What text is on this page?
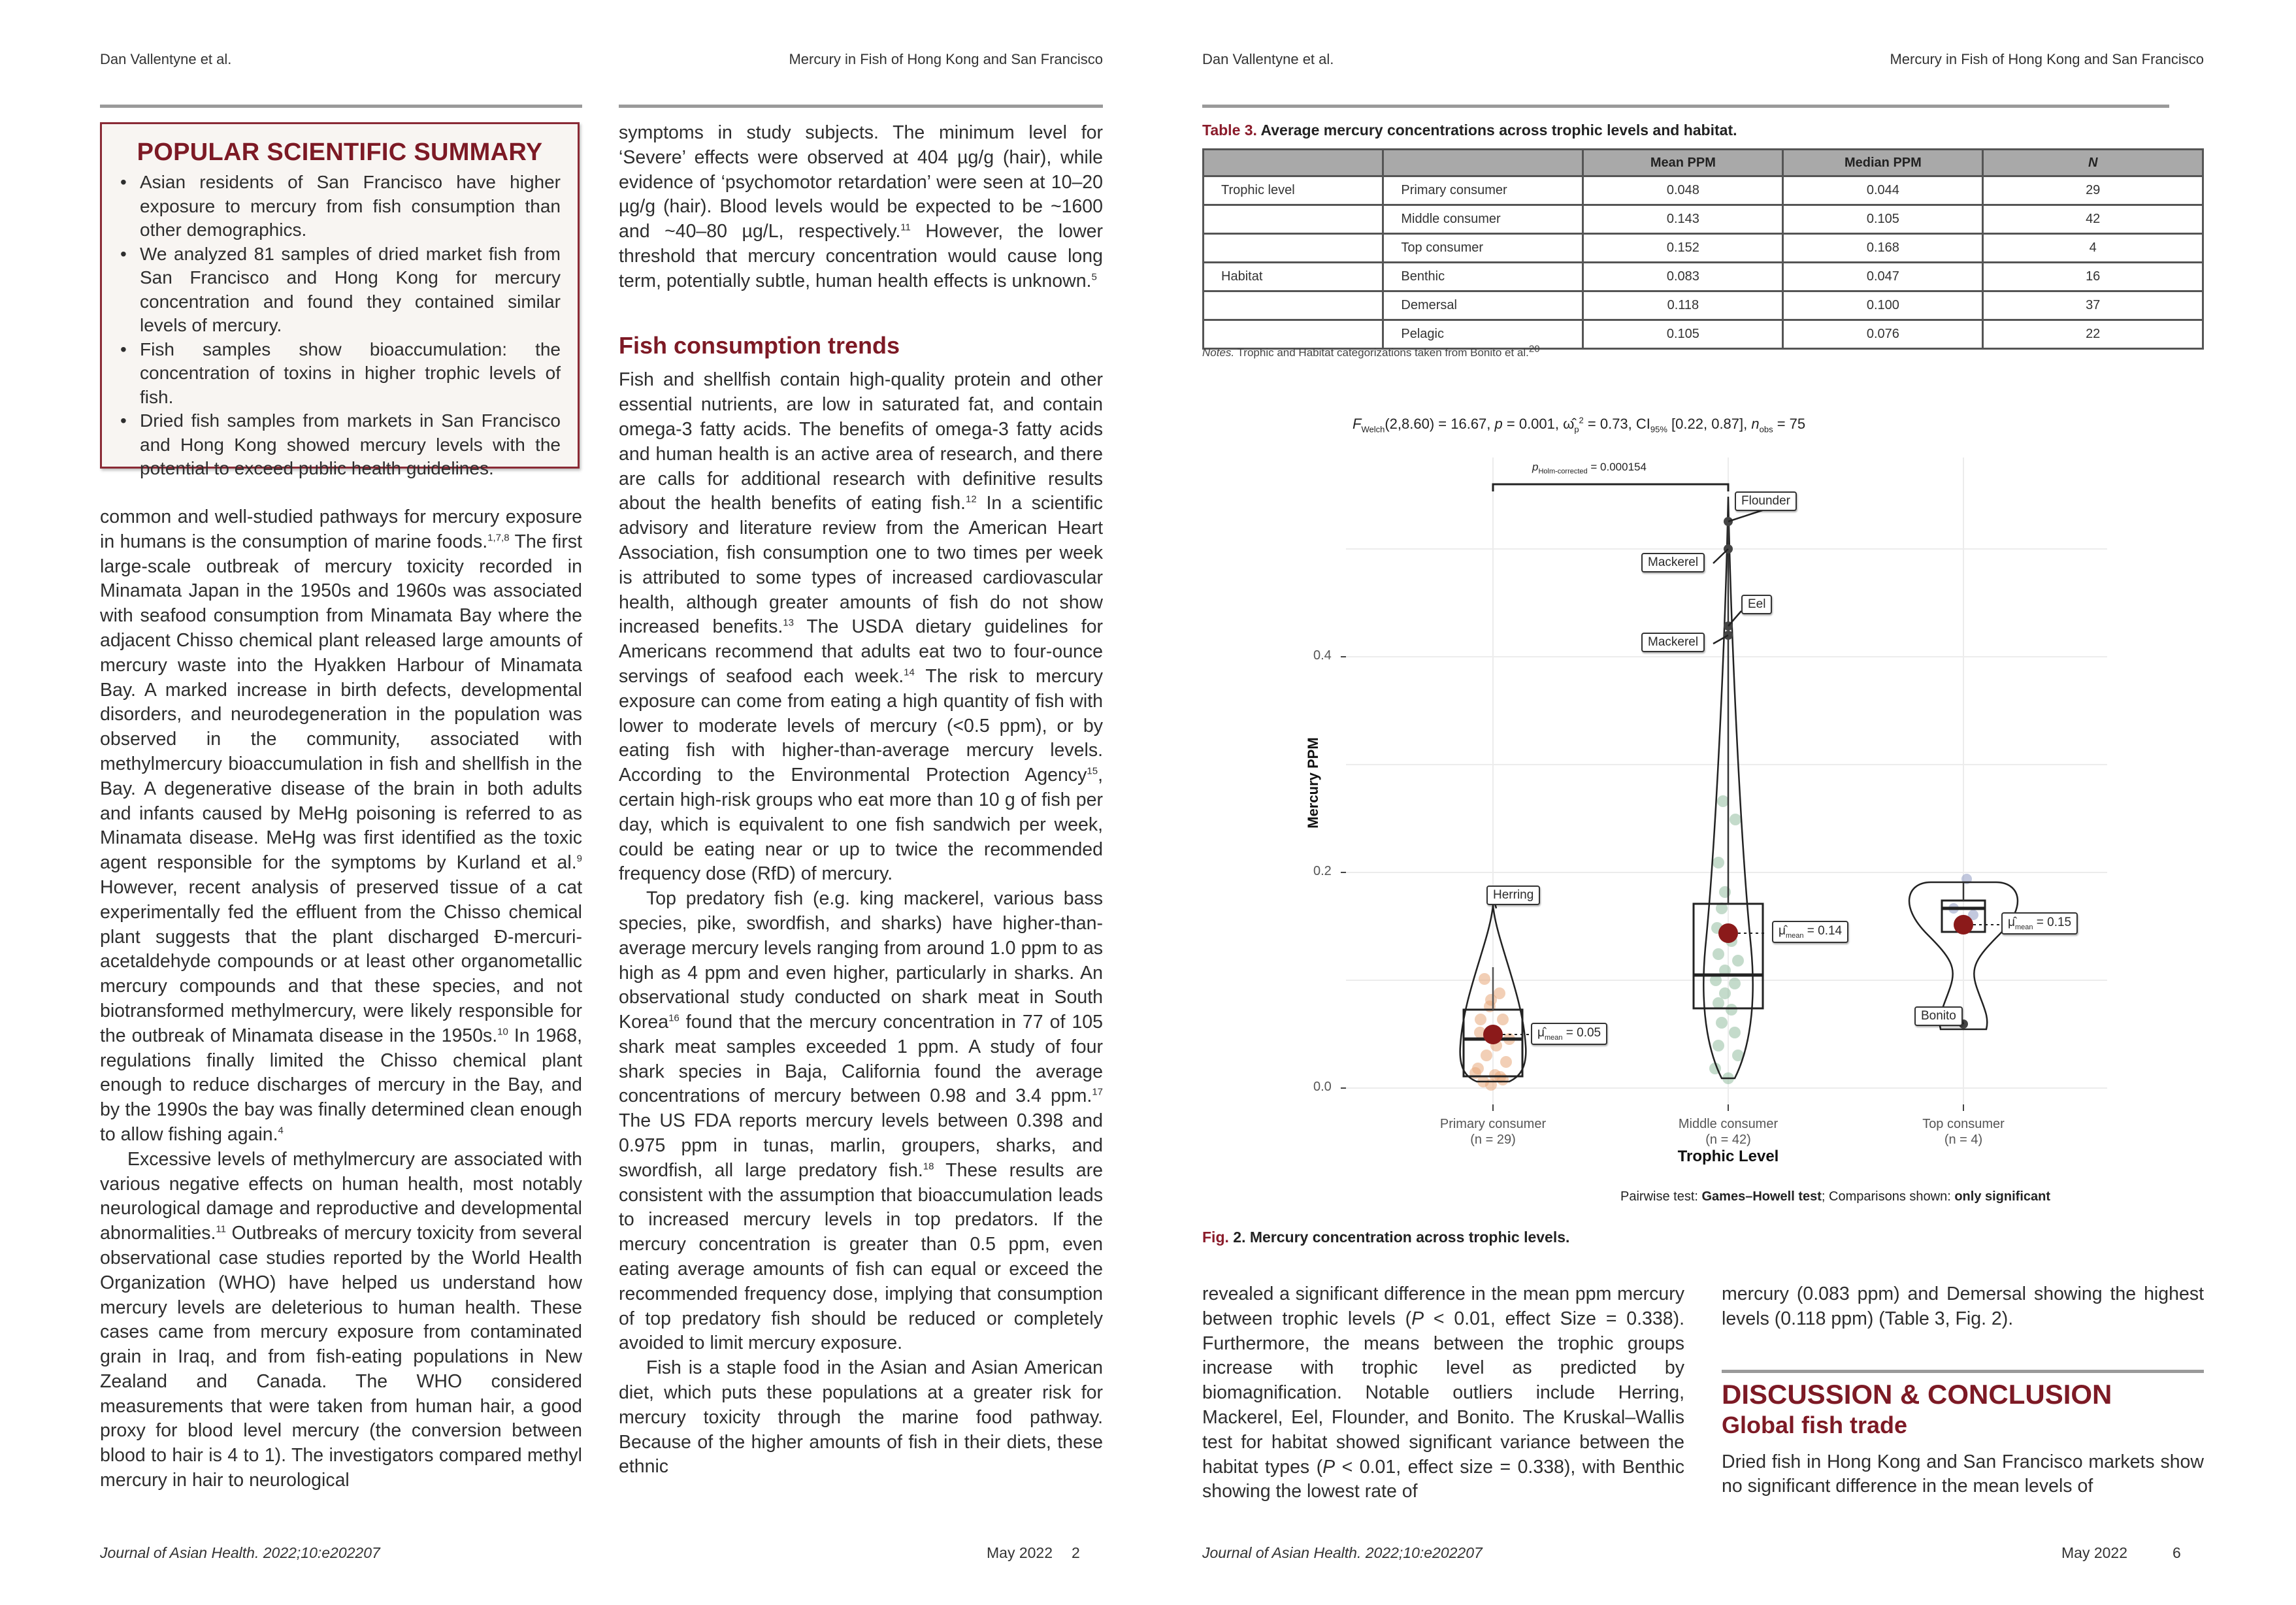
Dan Vallentyne et al.	Mercury in Fish of Hong Kong and San Francisco
POPULAR SCIENTIFIC SUMMARY
• Asian residents of San Francisco have higher exposure to mercury from fish consumption than other demographics.
• We analyzed 81 samples of dried market fish from San Francisco and Hong Kong for mercury concentration and found they contained similar levels of mercury.
• Fish samples show bioaccumulation: the concentration of toxins in higher trophic levels of fish.
• Dried fish samples from markets in San Francisco and Hong Kong showed mercury levels with the potential to exceed public health guidelines.

common and well-studied pathways for mercury exposure in humans is the consumption of marine foods.$^{1,7,8}$ The first large-scale outbreak of mercury toxicity recorded in Minamata Japan in the 1950s and 1960s was associated with seafood consumption from Minamata Bay where the adjacent Chisso chemical plant released large amounts of mercury waste into the Hyakken Harbour of Minamata Bay. A marked increase in birth defects, developmental disorders, and neurodegeneration in the population was observed in the community, associated with methylmercury bioaccumulation in fish and shellfish in the Bay. A degenerative disease of the brain in both adults and infants caused by MeHg poisoning is referred to as Minamata disease. MeHg was first identified as the toxic agent responsible for the symptoms by Kurland et al.$^9$ However, recent analysis of preserved tissue of a cat experimentally fed the effluent from the Chisso chemical plant suggests that the plant discharged Đ-mercuri-acetaldehyde compounds or at least other organometallic mercury compounds and that these species, and not biotransformed methylmercury, were likely responsible for the outbreak of Minamata disease in the 1950s.$^{10}$ In 1968, regulations finally limited the Chisso chemical plant enough to reduce discharges of mercury in the Bay, and by the 1990s the bay was finally determined clean enough to allow fishing again.$^4$

Excessive levels of methylmercury are associated with various negative effects on human health, most notably neurological damage and reproductive and developmental abnormalities.$^{11}$ Outbreaks of mercury toxicity from several observational case studies reported by the World Health Organization (WHO) have helped us understand how mercury levels are deleterious to human health. These cases came from mercury exposure from contaminated grain in Iraq, and from fish-eating populations in New Zealand and Canada. The WHO considered measurements that were taken from human hair, a good proxy for blood level mercury (the conversion between blood to hair is 4 to 1). The investigators compared methyl mercury in hair to neurological

symptoms in study subjects. The minimum level for ‘Severe’ effects were observed at 404 µg/g (hair), while evidence of ‘psychomotor retardation’ were seen at 10–20 µg/g (hair). Blood levels would be expected to be ~1600 and ~40–80 µg/L, respectively.$^{11}$ However, the lower threshold that mercury concentration would cause long term, potentially subtle, human health effects is unknown.$^5$

Fish consumption trends

Fish and shellfish contain high-quality protein and other essential nutrients, are low in saturated fat, and contain omega-3 fatty acids. The benefits of omega-3 fatty acids and human health is an active area of research, and there are calls for additional research with definitive results about the health benefits of eating fish.$^{12}$ In a scientific advisory and literature review from the American Heart Association, fish consumption one to two times per week is attributed to some types of increased cardiovascular health, although greater amounts of fish do not show increased benefits.$^{13}$ The USDA dietary guidelines for Americans recommend that adults eat two to four-ounce servings of seafood each week.$^{14}$ The risk to mercury exposure can come from eating a high quantity of fish with lower to moderate levels of mercury (<0.5 ppm), or by eating fish with higher-than-average mercury levels. According to the Environmental Protection Agency$^{15}$, certain high-risk groups who eat more than 10 g of fish per day, which is equivalent to one fish sandwich per week, could be eating near or up to twice the recommended frequency dose (RfD) of mercury.

Top predatory fish (e.g. king mackerel, various bass species, pike, swordfish, and sharks) have higher-than-average mercury levels ranging from around 1.0 ppm to as high as 4 ppm and even higher, particularly in sharks. An observational study conducted on shark meat in South Korea$^{16}$ found that the mercury concentration in 77 of 105 shark meat samples exceeded 1 ppm. A study of four shark species in Baja, California found the average concentrations of mercury between 0.98 and 3.4 ppm.$^{17}$ The US FDA reports mercury levels between 0.398 and 0.975 ppm in tunas, marlin, groupers, sharks, and swordfish, all large predatory fish.$^{18}$ These results are consistent with the assumption that bioaccumulation leads to increased mercury levels in top predators. If the mercury concentration is greater than 0.5 ppm, even eating average amounts of fish can equal or exceed the recommended frequency dose, implying that consumption of top predatory fish should be reduced or completely avoided to limit mercury exposure.

Fish is a staple food in the Asian and Asian American diet, which puts these populations at a greater risk for mercury toxicity through the marine food pathway. Because of the higher amounts of fish in their diets, these ethnic

Journal of Asian Health. 2022;10:e202207	May 2022 2
Dan Vallentyne et al.	Mercury in Fish of Hong Kong and San Francisco
Table 3. Average mercury concentrations across trophic levels and habitat.
		Mean PPM	Median PPM	N
Trophic level	Primary consumer	0.048	0.044	29
	Middle consumer	0.143	0.105	42
	Top consumer	0.152	0.168	4
Habitat	Benthic	0.083	0.047	16
	Demersal	0.118	0.100	37
	Pelagic	0.105	0.076	22
Notes. Trophic and Habitat categorizations taken from Bonito et al.$^{20}$
$F_{Welch}(2,8.60) = 16.67$, p = 0.001, $\omegâ_p^2 = 0.73$, $CI_{95\%}$ [0.22, 0.87], $n_{obs} = 75$
0.0
0.2
0.4
Mercury PPM
$p_{Holm-corrected} = 0.000154$
Flounder
Mackerel
Eel
Mackerel
Herring
Bonito
$\mû_{mean} = 0.05$
$\mû_{mean} = 0.14$
$\mû_{mean} = 0.15$
Primary consumer
(n = 29)
Middle consumer
(n = 42)
Top consumer
(n = 4)
Trophic Level
Pairwise test: Games–Howell test; Comparisons shown: only significant
Fig. 2. Mercury concentration across trophic levels.

revealed a significant difference in the mean ppm mercury between trophic levels (P < 0.01, effect Size = 0.338). Furthermore, the means between the trophic groups increase with trophic level as predicted by biomagnification. Notable outliers include Herring, Mackerel, Eel, Flounder, and Bonito. The Kruskal–Wallis test for habitat showed significant variance between the habitat types (P < 0.01, effect size = 0.338), with Benthic showing the lowest rate of

mercury (0.083 ppm) and Demersal showing the highest levels (0.118 ppm) (Table 3, Fig. 2).

DISCUSSION & CONCLUSION
Global fish trade

Dried fish in Hong Kong and San Francisco markets show no significant difference in the mean levels of

Journal of Asian Health. 2022;10:e202207	May 2022	6
